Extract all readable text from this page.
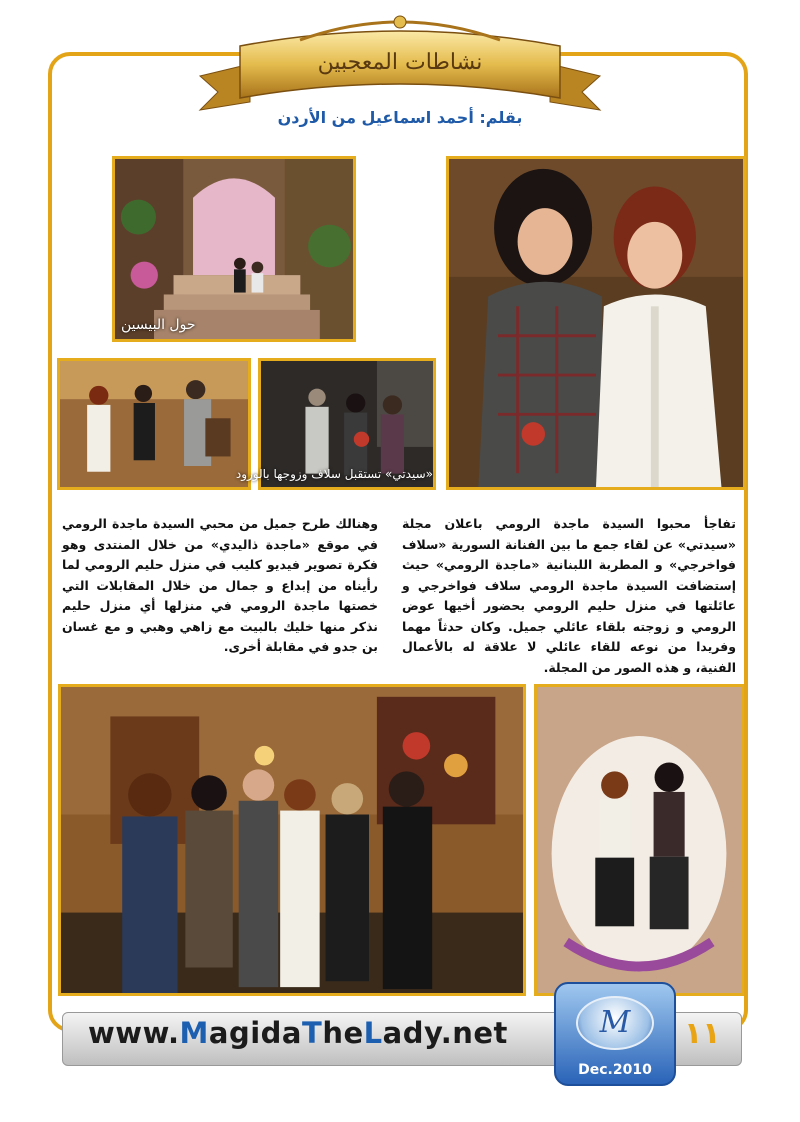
نشاطات المعجبين
بقلم: أحمد اسماعيل من الأردن
حول البيسين
«سيدتي» تستقبل سلاف وزوجها بالورود
تفاجأ محبوا السيدة ماجدة الرومي باعلان مجلة «سيدتي» عن لقاء جمع ما بين الفنانة السورية «سلاف فواخرجي» و المطربة اللبنانية «ماجدة الرومي» حيث إستضافت السيدة ماجدة الرومي سلاف فواخرجي و عائلتها في منزل حليم الرومي بحضور أخيها عوض الرومي و زوجته بلقاء عائلي جميل. وكان حدثاً مهما وفريدا من نوعه للقاء عائلي لا علاقة له بالأعمال الفنية، و هذه الصور من المجلة.
وهنالك طرح جميل من محبي السيدة ماجدة الرومي في موقع «ماجدة ذاليدي» من خلال المنتدى وهو فكرة تصوير فيديو كليب في منزل حليم الرومي لما رأيناه من إبداع و جمال من خلال المقابلات التي خصتها ماجدة الرومي في منزلها أي منزل حليم نذكر منها خليك بالبيت مع زاهي وهبي و مع غسان بن جدو في مقابلة أخرى.
www.MagidaTheLady.net	M
Dec.2010
١١
